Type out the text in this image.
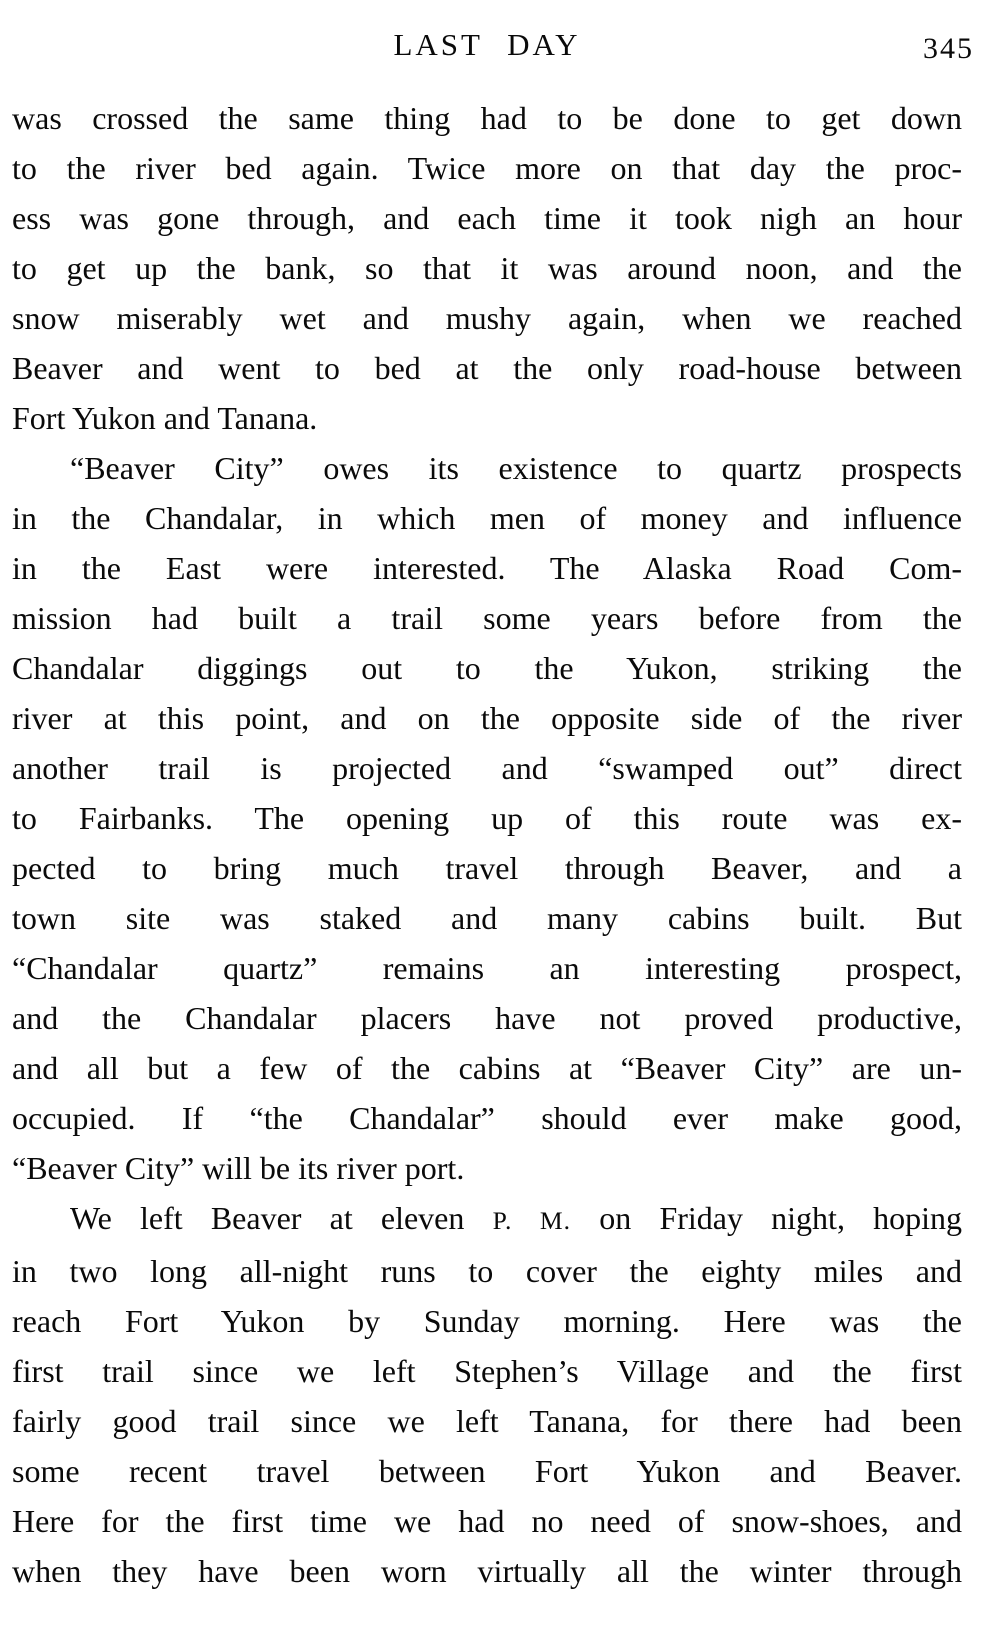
LAST DAY	345
was crossed the same thing had to be done to get down
to the river bed again. Twice more on that day the proc-
ess was gone through, and each time it took nigh an hour
to get up the bank, so that it was around noon, and the
snow miserably wet and mushy again, when we reached
Beaver and went to bed at the only road-house between
Fort Yukon and Tanana.
“Beaver City” owes its existence to quartz prospects
in the Chandalar, in which men of money and influence
in the East were interested. The Alaska Road Com-
mission had built a trail some years before from the
Chandalar diggings out to the Yukon, striking the
river at this point, and on the opposite side of the river
another trail is projected and “swamped out” direct
to Fairbanks. The opening up of this route was ex-
pected to bring much travel through Beaver, and a
town site was staked and many cabins built. But
“Chandalar quartz” remains an interesting prospect,
and the Chandalar placers have not proved productive,
and all but a few of the cabins at “Beaver City” are un-
occupied. If “the Chandalar” should ever make good,
“Beaver City” will be its river port.
We left Beaver at eleven P. M. on Friday night, hoping
in two long all-night runs to cover the eighty miles and
reach Fort Yukon by Sunday morning. Here was the
first trail since we left Stephen’s Village and the first
fairly good trail since we left Tanana, for there had been
some recent travel between Fort Yukon and Beaver.
Here for the first time we had no need of snow-shoes, and
when they have been worn virtually all the winter through
